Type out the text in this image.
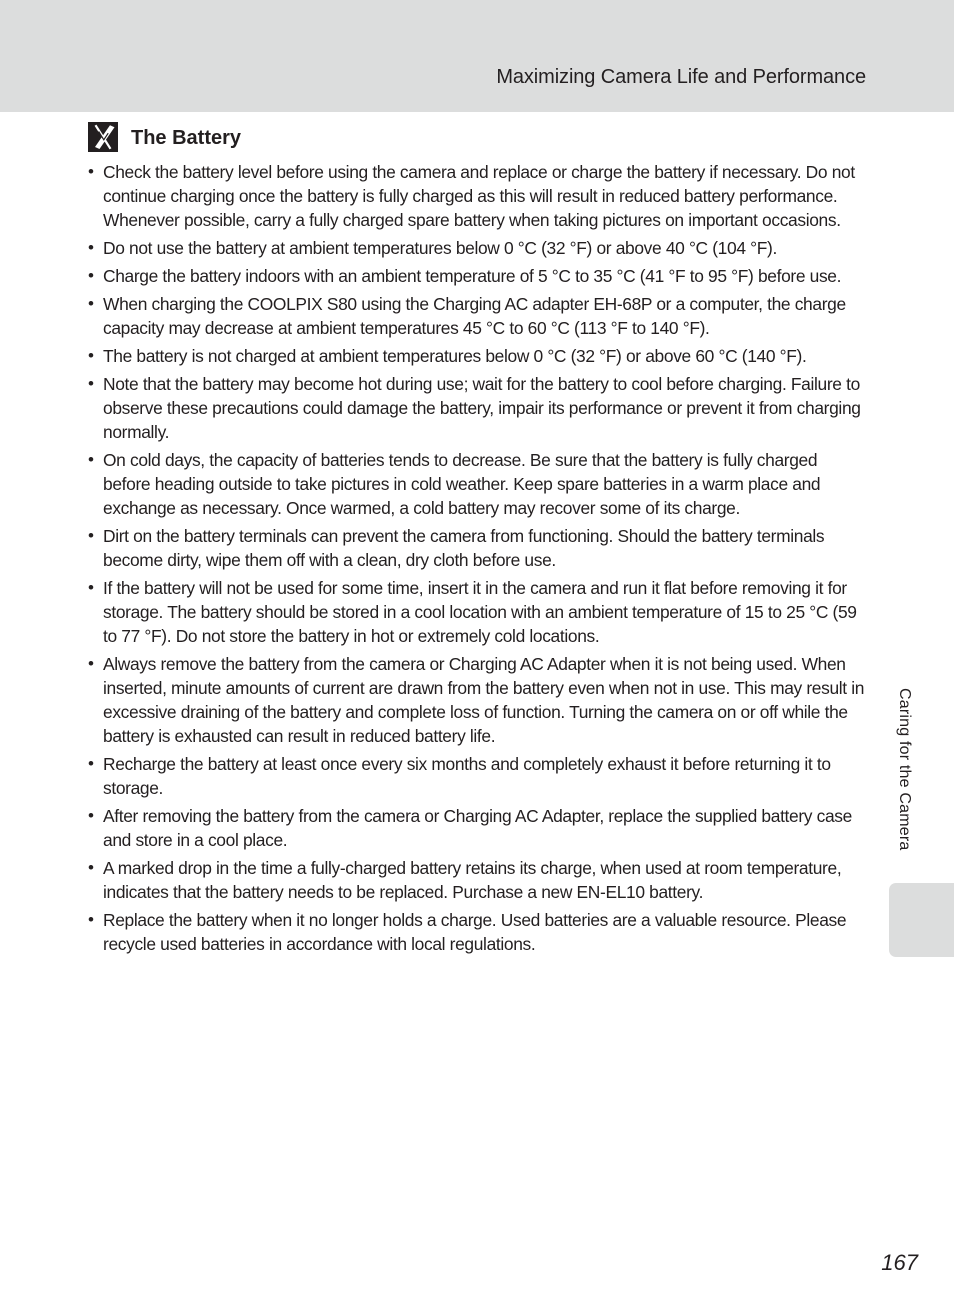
Maximizing Camera Life and Performance
The Battery
• Check the battery level before using the camera and replace or charge the battery if necessary. Do not continue charging once the battery is fully charged as this will result in reduced battery performance. Whenever possible, carry a fully charged spare battery when taking pictures on important occasions.
• Do not use the battery at ambient temperatures below 0 °C (32 °F) or above 40 °C (104 °F).
• Charge the battery indoors with an ambient temperature of 5 °C to 35 °C (41 °F to 95 °F) before use.
• When charging the COOLPIX S80 using the Charging AC adapter EH-68P or a computer, the charge capacity may decrease at ambient temperatures 45 °C to 60 °C (113 °F to 140 °F).
• The battery is not charged at ambient temperatures below 0 °C (32 °F) or above 60 °C (140 °F).
• Note that the battery may become hot during use; wait for the battery to cool before charging. Failure to observe these precautions could damage the battery, impair its performance or prevent it from charging normally.
• On cold days, the capacity of batteries tends to decrease. Be sure that the battery is fully charged before heading outside to take pictures in cold weather. Keep spare batteries in a warm place and exchange as necessary. Once warmed, a cold battery may recover some of its charge.
• Dirt on the battery terminals can prevent the camera from functioning. Should the battery terminals become dirty, wipe them off with a clean, dry cloth before use.
• If the battery will not be used for some time, insert it in the camera and run it flat before removing it for storage. The battery should be stored in a cool location with an ambient temperature of 15 to 25 °C (59 to 77 °F). Do not store the battery in hot or extremely cold locations.
• Always remove the battery from the camera or Charging AC Adapter when it is not being used. When inserted, minute amounts of current are drawn from the battery even when not in use. This may result in excessive draining of the battery and complete loss of function. Turning the camera on or off while the battery is exhausted can result in reduced battery life.
• Recharge the battery at least once every six months and completely exhaust it before returning it to storage.
• After removing the battery from the camera or Charging AC Adapter, replace the supplied battery case and store in a cool place.
• A marked drop in the time a fully-charged battery retains its charge, when used at room temperature, indicates that the battery needs to be replaced. Purchase a new EN-EL10 battery.
• Replace the battery when it no longer holds a charge. Used batteries are a valuable resource. Please recycle used batteries in accordance with local regulations.
Caring for the Camera
167
